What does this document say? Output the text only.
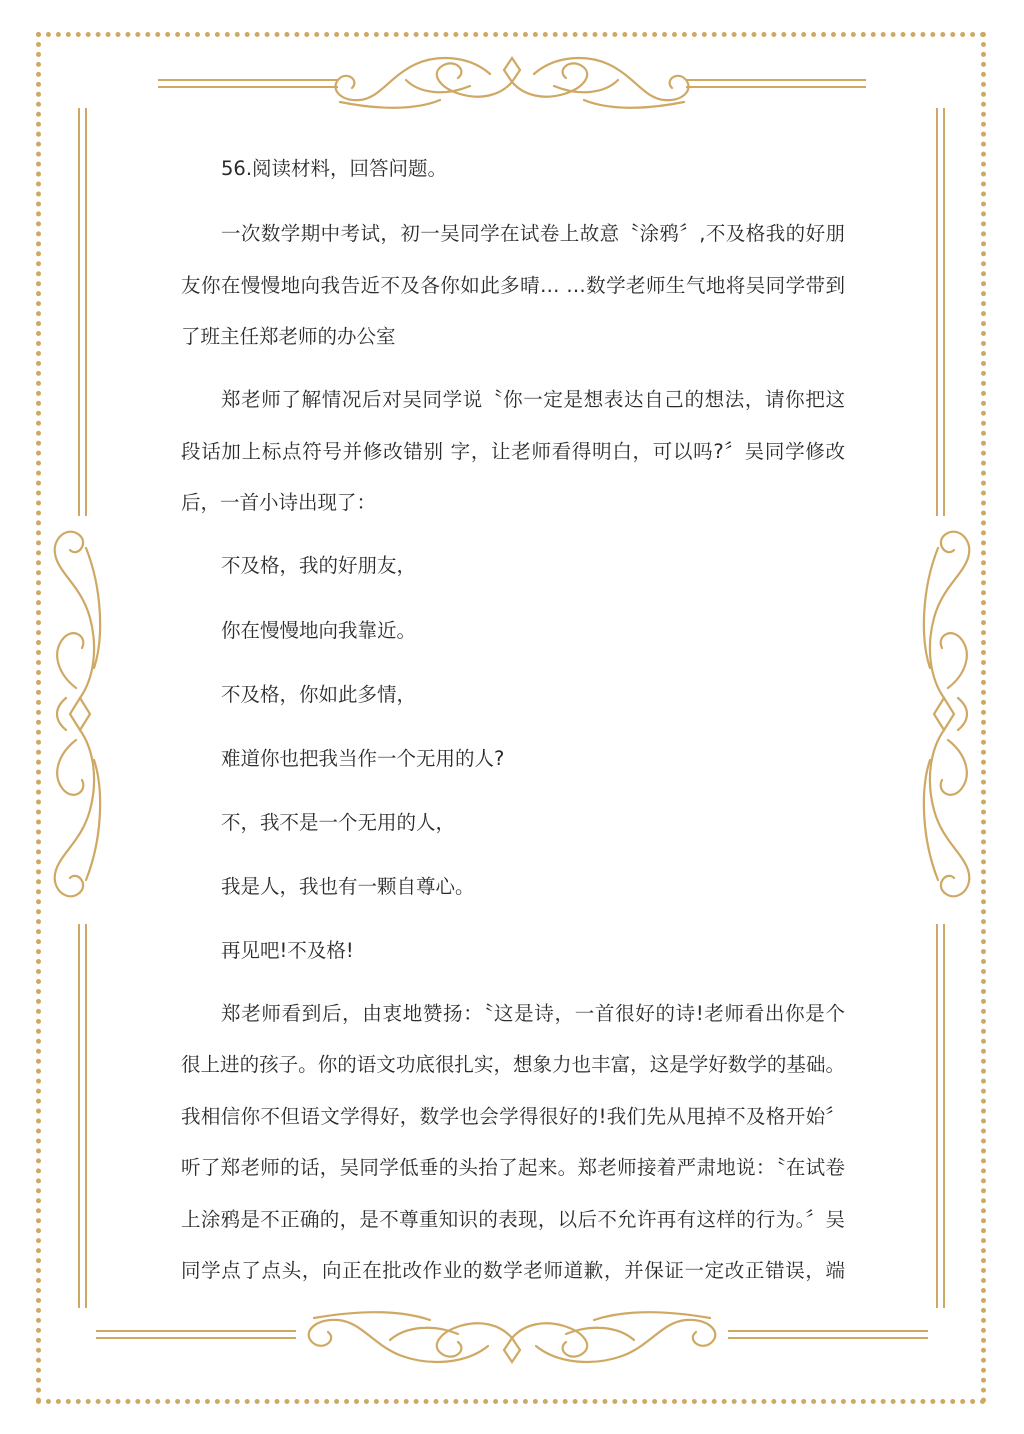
56.阅读材料，回答问题。
一次数学期中考试，初一吴同学在试卷上故意〝涂鸦〞,不及格我的好朋
友你在慢慢地向我告近不及各你如此多晴… …数学老师生气地将吴同学带到
了班主任郑老师的办公室
郑老师了解情况后对吴同学说〝你一定是想表达自己的想法，请你把这
段话加上标点符号并修改错别 字，让老师看得明白，可以吗?〞吴同学修改
后，一首小诗出现了：
不及格，我的好朋友，
你在慢慢地向我靠近。
不及格，你如此多情，
难道你也把我当作一个无用的人?
不，我不是一个无用的人，
我是人，我也有一颗自尊心。
再见吧!不及格!
郑老师看到后，由衷地赞扬：〝这是诗，一首很好的诗!老师看出你是个
很上进的孩子。你的语文功底很扎实，想象力也丰富，这是学好数学的基础。
我相信你不但语文学得好，数学也会学得很好的!我们先从甩掉不及格开始〞
听了郑老师的话，吴同学低垂的头抬了起来。郑老师接着严肃地说：〝在试卷
上涂鸦是不正确的，是不尊重知识的表现，以后不允许再有这样的行为。〞吴
同学点了点头，向正在批改作业的数学老师道歉，并保证一定改正错误，端
